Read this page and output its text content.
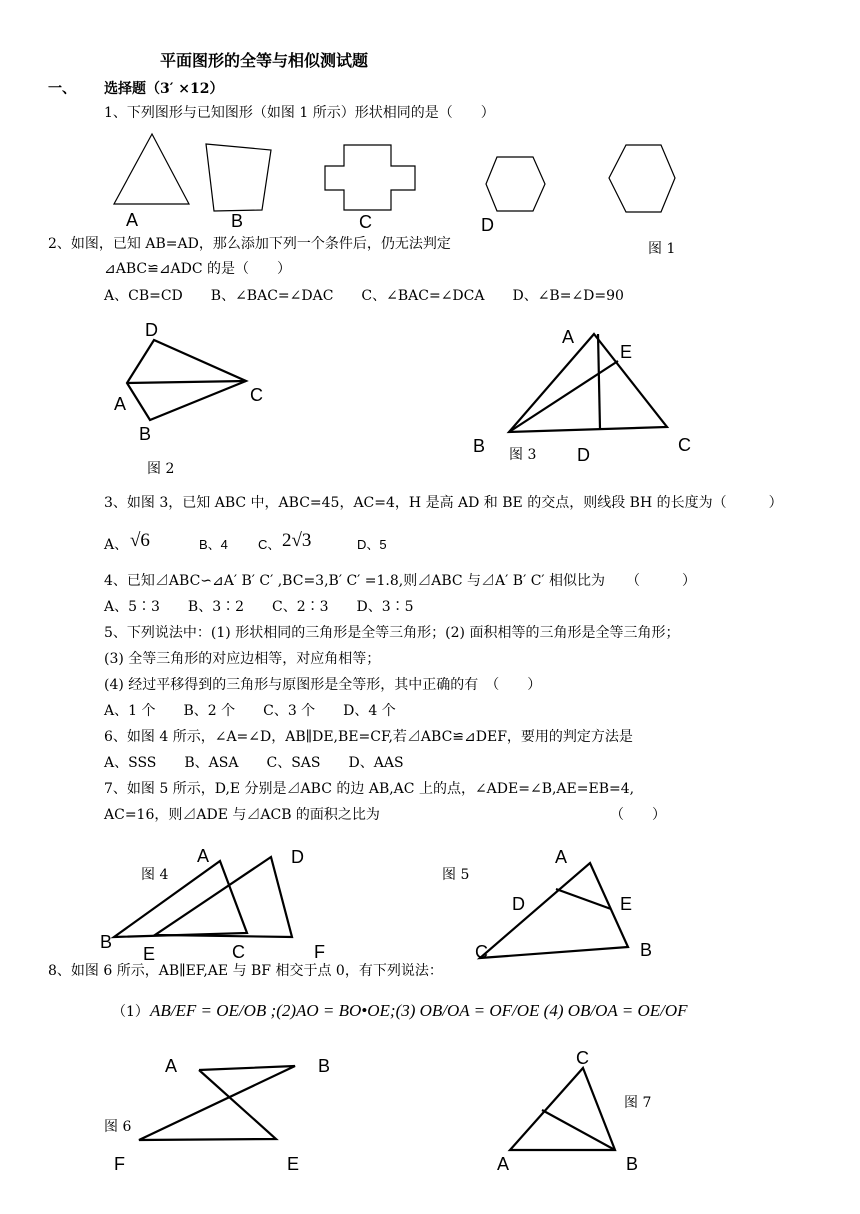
平面图形的全等与相似测试题
一、 选择题（3′ ×12）
1、下列图形与已知图形（如图 1 所示）形状相同的是（　　）
A	B	C	D
图 1
2、如图，已知 AB=AD，那么添加下列一个条件后，仍无法判定
⊿ABC≌⊿ADC 的是（　　）
A、CB=CD　　B、∠BAC=∠DAC　　C、∠BAC=∠DCA　　D、∠B=∠D=90
D
A	C
B
图 2
A
E
B	D	C
图 3
3、如图 3，已知 ABC 中，ABC=45，AC=4，H 是高 AD 和 BE 的交点，则线段 BH 的长度为（　　　）
A、 √6	B、4 C、 2√3	D、5
4、已知⊿ABC∽⊿A′ B′ C′ ,BC=3,B′ C′ =1.8,则⊿ABC 与⊿A′ B′ C′ 相似比为　　（　　　）
A、5∶3　　B、3∶2　　C、2∶3　　D、3∶5
5、下列说法中：(1) 形状相同的三角形是全等三角形；(2) 面积相等的三角形是全等三角形；
(3) 全等三角形的对应边相等，对应角相等；
(4) 经过平移得到的三角形与原图形是全等形，其中正确的有　（　　）
A、1 个　　B、2 个　　C、3 个　　D、4 个
6、如图 4 所示，∠A=∠D，AB∥DE,BE=CF,若⊿ABC≌⊿DEF，要用的判定方法是
A、SSS　　B、ASA　　C、SAS　　D、AAS
7、如图 5 所示，D,E 分别是⊿ABC 的边 AB,AC 上的点，∠ADE=∠B,AE=EB=4,
AC=16，则⊿ADE 与⊿ACB 的面积之比为	（　　）
图 4
A	D
B
E	C	F
图 5
A
D	E
C	B
8、如图 6 所示，AB∥EF,AE 与 BF 相交于点 0，有下列说法：
（1） AB/EF = OE/OB ;(2)AO = BO•OE;(3) OB/OA = OF/OE (4) OB/OA = OE/OF
A	B
图 6
F	E
C
图 7
A	B
